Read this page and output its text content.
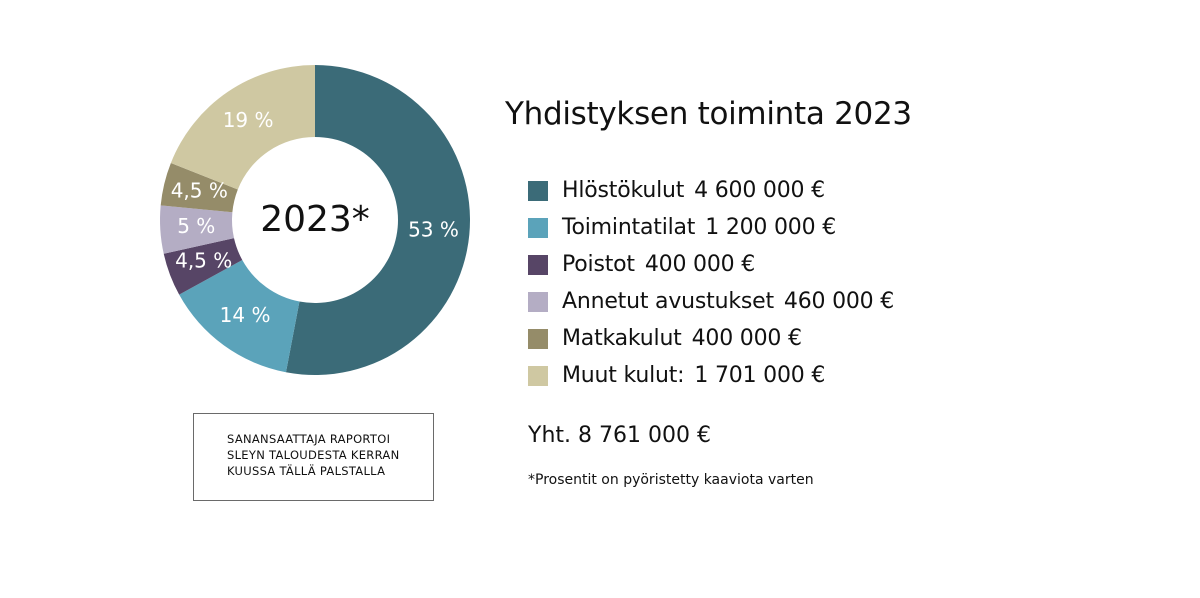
53 %
14 %
4,5 %
5 %
4,5 %
19 %
2023*
Yhdistyksen toiminta 2023
Hlöstökulut 4 600 000 €
Toimintatilat 1 200 000 €
Poistot 400 000 €
Annetut avustukset 460 000 €
Matkakulut 400 000 €
Muut kulut: 1 701 000 €
Yht. 8 761 000 €
*Prosentit on pyöristetty kaaviota varten
SANANSAATTAJA RAPORTOI
SLEYN TALOUDESTA KERRAN
KUUSSA TÄLLÄ PALSTALLA
